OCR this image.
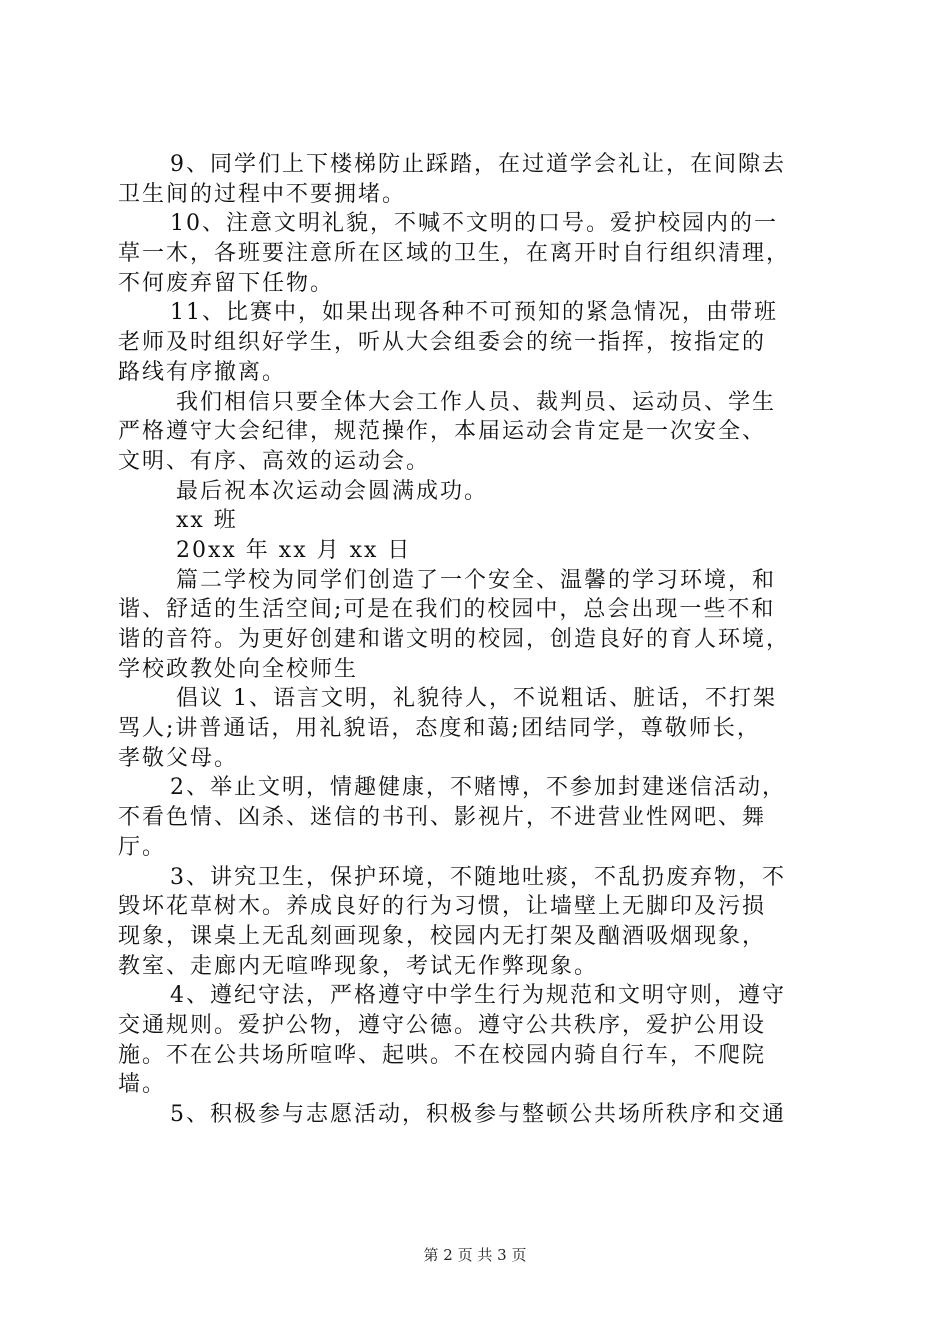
9、同学们上下楼梯防止踩踏，在过道学会礼让，在间隙去
卫生间的过程中不要拥堵。
10、注意文明礼貌，不喊不文明的口号。爱护校园内的一
草一木，各班要注意所在区域的卫生，在离开时自行组织清理，
不何废弃留下任物。
11、比赛中，如果出现各种不可预知的紧急情况，由带班
老师及时组织好学生，听从大会组委会的统一指挥，按指定的
路线有序撤离。
我们相信只要全体大会工作人员、裁判员、运动员、学生
严格遵守大会纪律，规范操作，本届运动会肯定是一次安全、
文明、有序、高效的运动会。
最后祝本次运动会圆满成功。
xx 班
20xx 年 xx 月 xx 日
篇二学校为同学们创造了一个安全、温馨的学习环境，和
谐、舒适的生活空间;可是在我们的校园中，总会出现一些不和
谐的音符。为更好创建和谐文明的校园，创造良好的育人环境，
学校政教处向全校师生
倡议 1、语言文明，礼貌待人，不说粗话、脏话，不打架
骂人;讲普通话，用礼貌语，态度和蔼;团结同学，尊敬师长，
孝敬父母。
2、举止文明，情趣健康，不赌博，不参加封建迷信活动，
不看色情、凶杀、迷信的书刊、影视片，不进营业性网吧、舞
厅。
3、讲究卫生，保护环境，不随地吐痰，不乱扔废弃物，不
毁坏花草树木。养成良好的行为习惯，让墙壁上无脚印及污损
现象，课桌上无乱刻画现象，校园内无打架及酗酒吸烟现象，
教室、走廊内无喧哗现象，考试无作弊现象。
4、遵纪守法，严格遵守中学生行为规范和文明守则，遵守
交通规则。爱护公物，遵守公德。遵守公共秩序，爱护公用设
施。不在公共场所喧哗、起哄。不在校园内骑自行车，不爬院
墙。
5、积极参与志愿活动，积极参与整顿公共场所秩序和交通
第 2 页 共 3 页
